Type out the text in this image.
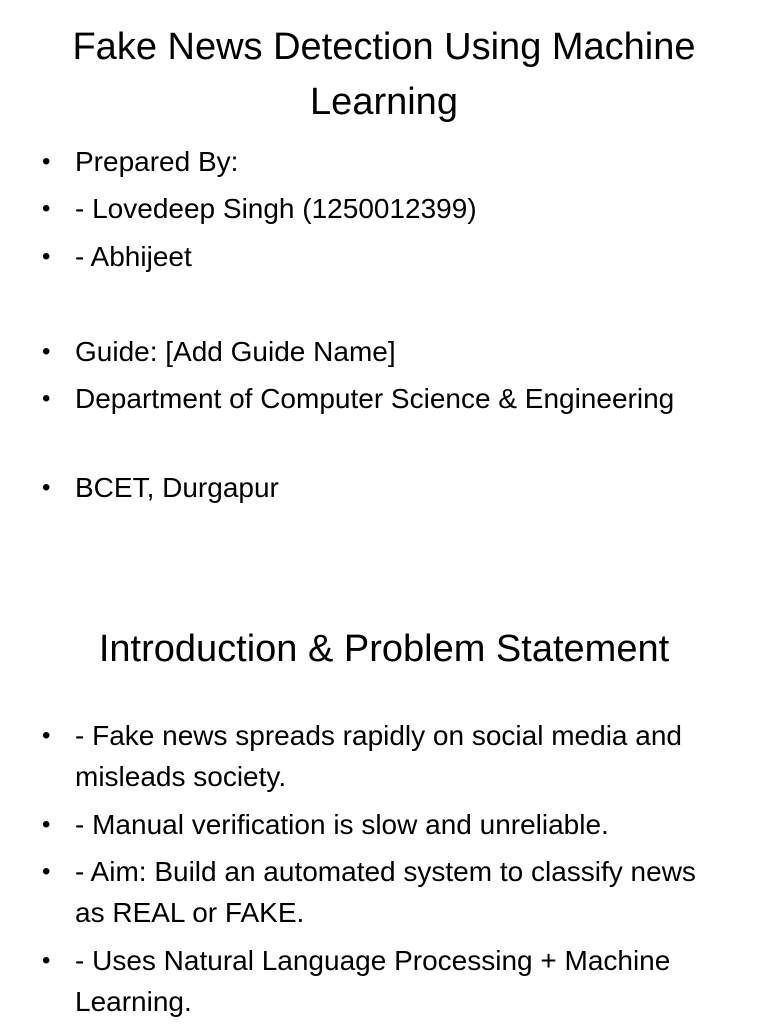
Fake News Detection Using Machine Learning
• Prepared By:
• - Lovedeep Singh (1250012399)
• - Abhijeet
• Guide: [Add Guide Name]
• Department of Computer Science & Engineering
• BCET, Durgapur
Introduction & Problem Statement
• - Fake news spreads rapidly on social media and misleads society.
• - Manual verification is slow and unreliable.
• - Aim: Build an automated system to classify news as REAL or FAKE.
• - Uses Natural Language Processing + Machine Learning.
